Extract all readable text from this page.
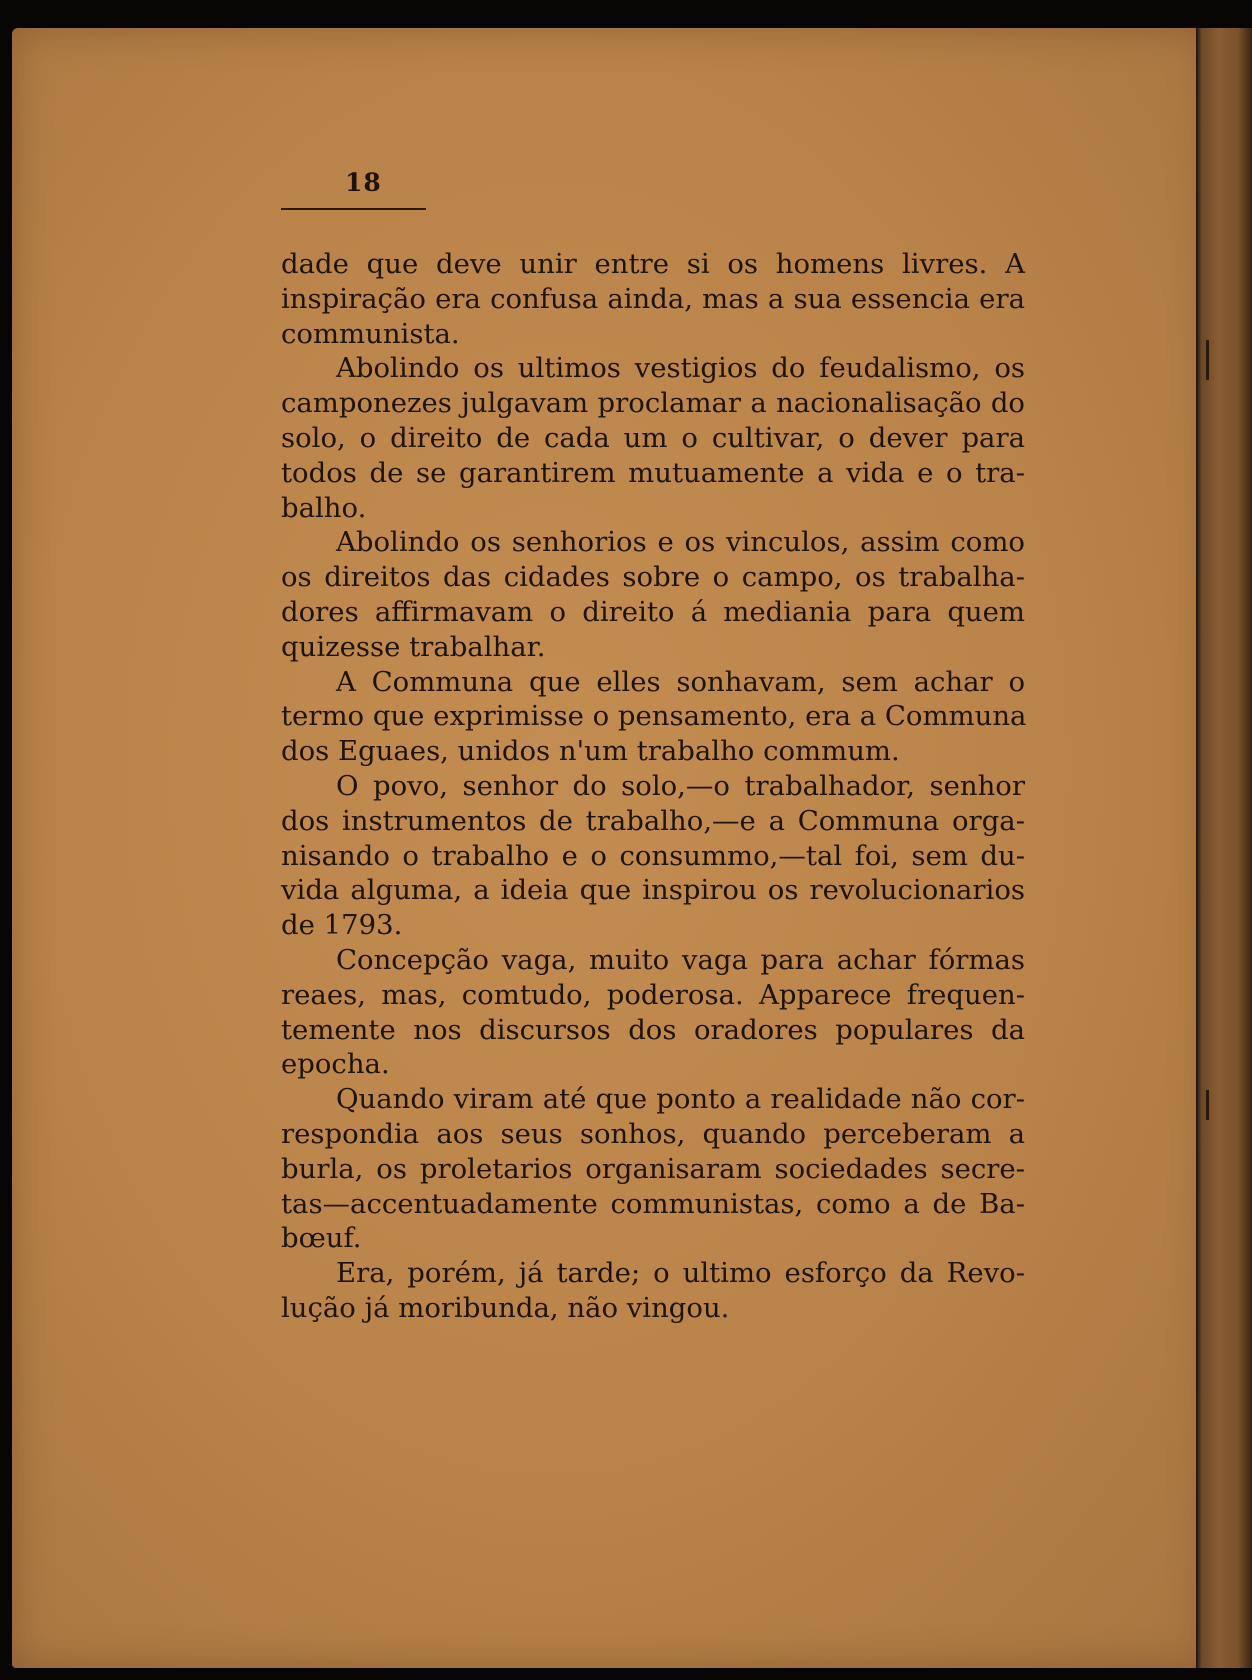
18
dade que deve unir entre si os homens livres. A
inspiração era confusa ainda, mas a sua essencia era
communista.
Abolindo os ultimos vestigios do feudalismo, os
camponezes julgavam proclamar a nacionalisação do
solo, o direito de cada um o cultivar, o dever para
todos de se garantirem mutuamente a vida e o tra-
balho.
Abolindo os senhorios e os vinculos, assim como
os direitos das cidades sobre o campo, os trabalha-
dores affirmavam o direito á mediania para quem
quizesse trabalhar.
A Communa que elles sonhavam, sem achar o
termo que exprimisse o pensamento, era a Communa
dos Eguaes, unidos n'um trabalho commum.
O povo, senhor do solo,—o trabalhador, senhor
dos instrumentos de trabalho,—e a Communa orga-
nisando o trabalho e o consummo,—tal foi, sem du-
vida alguma, a ideia que inspirou os revolucionarios
de 1793.
Concepção vaga, muito vaga para achar fórmas
reaes, mas, comtudo, poderosa. Apparece frequen-
temente nos discursos dos oradores populares da
epocha.
Quando viram até que ponto a realidade não cor-
respondia aos seus sonhos, quando perceberam a
burla, os proletarios organisaram sociedades secre-
tas—accentuadamente communistas, como a de Ba-
bœuf.
Era, porém, já tarde; o ultimo esforço da Revo-
lução já moribunda, não vingou.
